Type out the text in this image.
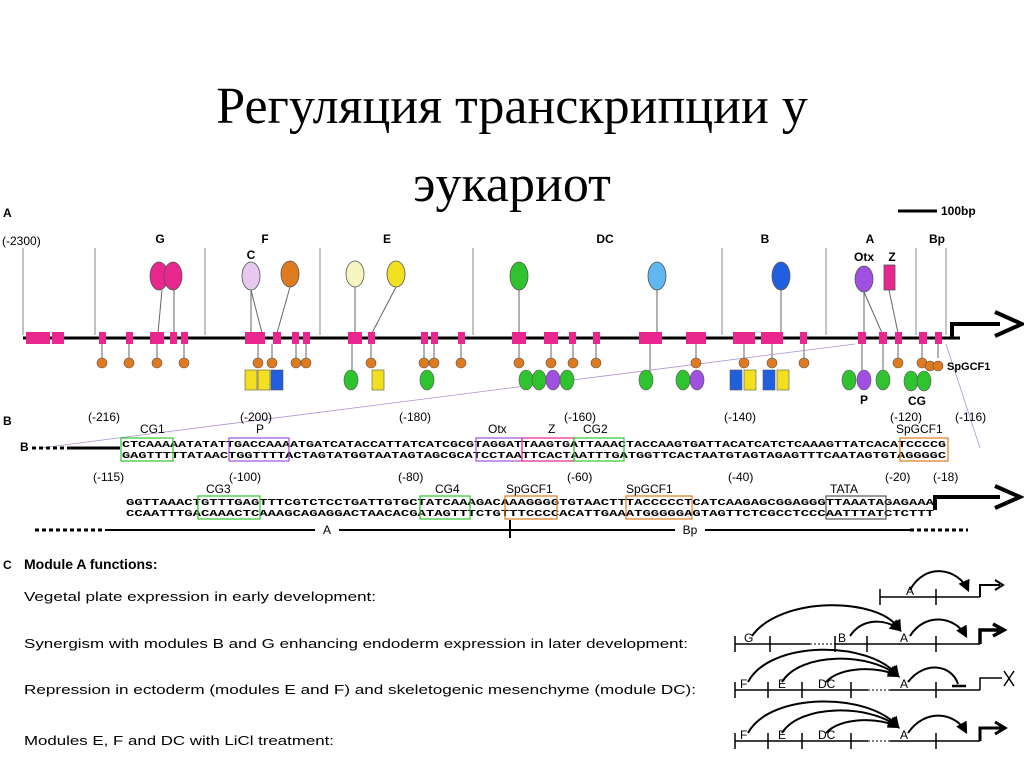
Регуляция транскрипции у
эукариот
A
(-2300)
100bp
G	F	E	DC	B	A	Bp
C	Otx Z
P	CG
SpGCF1
B	(-216)	(-200)	(-180)	(-160)	(-140)	(-120)	(-116)
CG1	P	Otx	Z CG2	SpGCF1
B	CTCAAAAATATATTGACCAAAATGATCATACCATTATCATCGCGTAGGATTAAGTGATTAAACTACCAAGTGATTACATCATCTCAAAGTTATCACATCCCCG
GAGTTTTTATAACTGGTTTTACTAGTATGGTAATAGTAGCGCATCCTAATTCACTAATTTGATGGTTCACTAATGTAGTAGAGTTTCAATAGTGTAGGGGC
(-115)	(-100)	(-80)	(-60)	(-40)	(-20) (-18)
CG3	CG4	SpGCF1	SpGCF1	TATA
GGTTAAACTGTTTGAGTTTCGTCTCCTGATTGTGCTATCAAAGACAAAGGGGTGTAACTTTACCCCCTCATCAAGAGCGGAGGGTTAAATAGAGAAA
CCAATTTGACAAACTCAAAGCAGAGGACTAACACGATAGTTTCTGTTTCCCCACATTGAAATGGGGGAGTAGTTCTCGCCTCCCAATTTATCTCTTT
A	Bp
C Module A functions:
Vegetal plate expression in early development:
Synergism with modules B and G enhancing endoderm expression in later development:
Repression in ectoderm (modules E and F) and skeletogenic mesenchyme (module DC):
Modules E, F and DC with LiCl treatment:
A
G	B	A
F	E	DC	A
F	E	DC	A
